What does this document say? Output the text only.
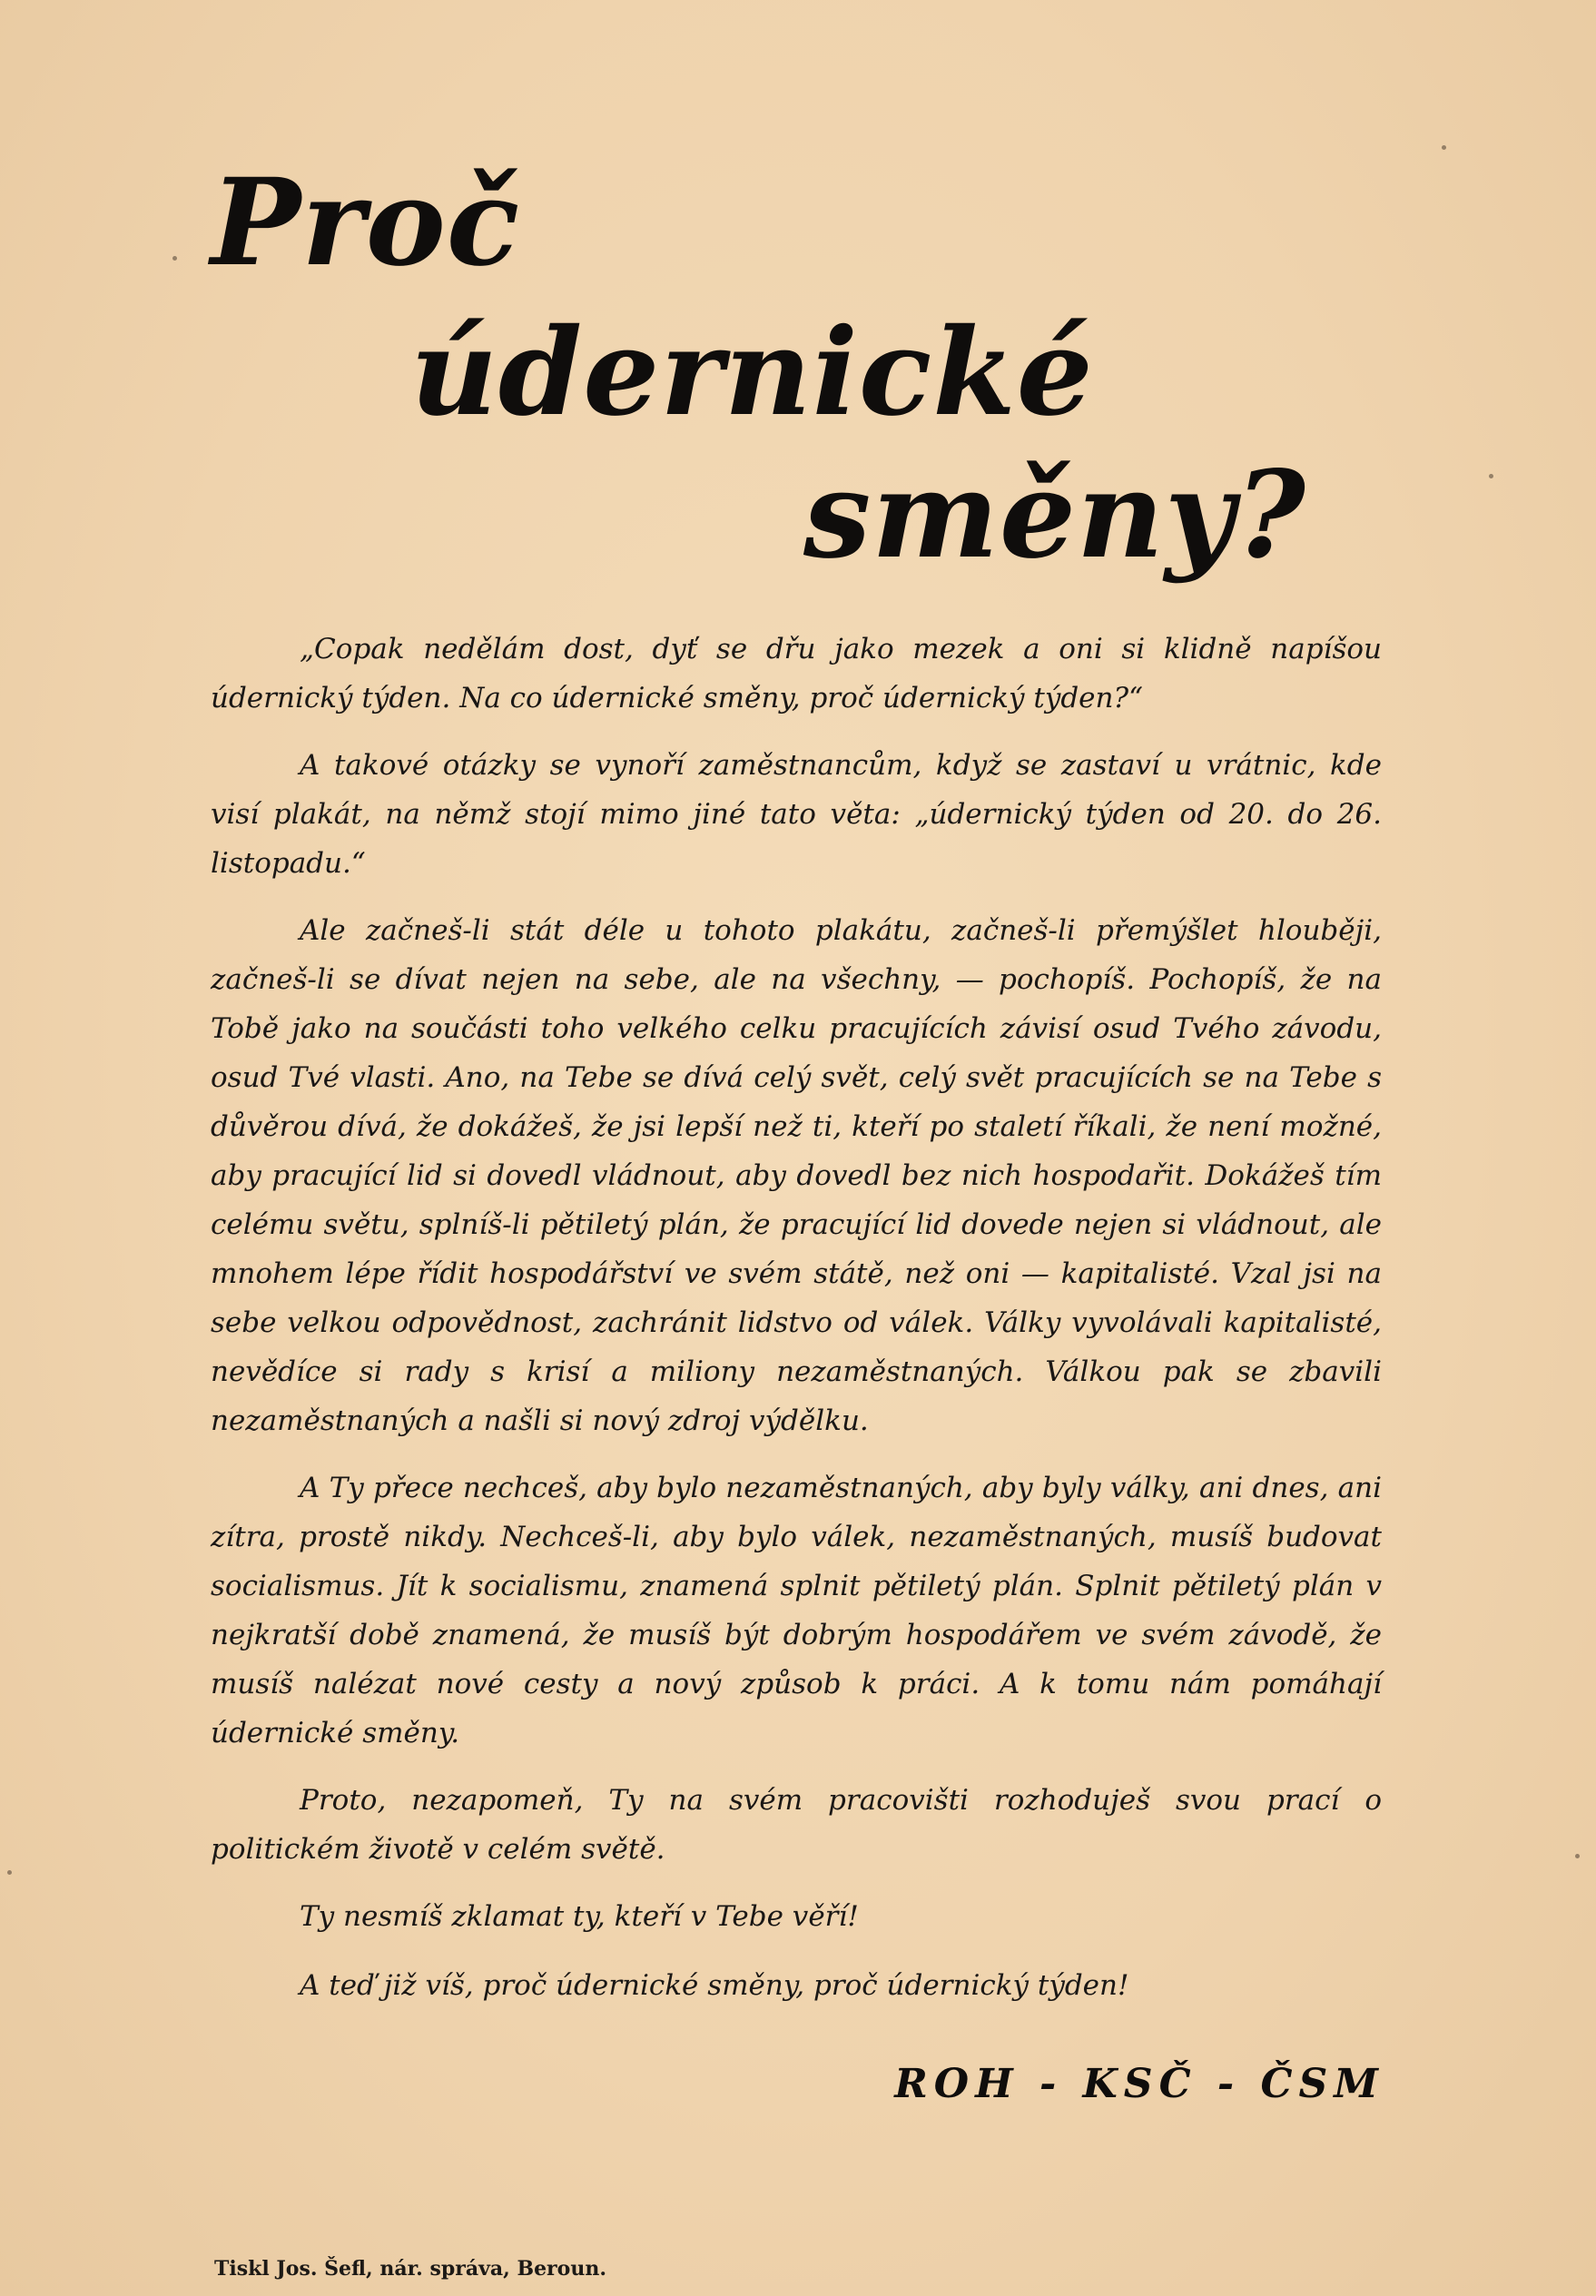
Proč
údernické
směny?

„Copak nedělám dost, dyť se dřu jako mezek a oni si klidně napíšou údernický týden. Na co údernické směny, proč údernický týden?“

A takové otázky se vynoří zaměstnancům, když se zastaví u vrátnic, kde visí plakát, na němž stojí mimo jiné tato věta: „údernický týden od 20. do 26. listopadu.“

Ale začneš-li stát déle u tohoto plakátu, začneš-li přemýšlet hlouběji, začneš-li se dívat nejen na sebe, ale na všechny, — pochopíš. Pochopíš, že na Tobě jako na součásti toho velkého celku pracujících závisí osud Tvého závodu, osud Tvé vlasti. Ano, na Tebe se dívá celý svět, celý svět pracujících se na Tebe s důvěrou dívá, že dokážeš, že jsi lepší než ti, kteří po staletí říkali, že není možné, aby pracující lid si dovedl vládnout, aby dovedl bez nich hospodařit. Dokážeš tím celému světu, splníš-li pětiletý plán, že pracující lid dovede nejen si vládnout, ale mnohem lépe řídit hospodářství ve svém státě, než oni — kapitalisté. Vzal jsi na sebe velkou odpovědnost, zachránit lidstvo od válek. Války vyvolávali kapitalisté, nevědíce si rady s krisí a miliony nezaměstnaných. Válkou pak se zbavili nezaměstnaných a našli si nový zdroj výdělku.

A Ty přece nechceš, aby bylo nezaměstnaných, aby byly války, ani dnes, ani zítra, prostě nikdy. Nechceš-li, aby bylo válek, nezaměstnaných, musíš budovat socialismus. Jít k socialismu, znamená splnit pětiletý plán. Splnit pětiletý plán v nejkratší době znamená, že musíš být dobrým hospodářem ve svém závodě, že musíš nalézat nové cesty a nový způsob k práci. A k tomu nám pomáhají údernické směny.

Proto, nezapomeň, Ty na svém pracovišti rozhoduješ svou prací o politickém životě v celém světě.

Ty nesmíš zklamat ty, kteří v Tebe věří!

A teď již víš, proč údernické směny, proč údernický týden!

ROH - KSČ - ČSM
Tiskl Jos. Šefl, nár. správa, Beroun.
